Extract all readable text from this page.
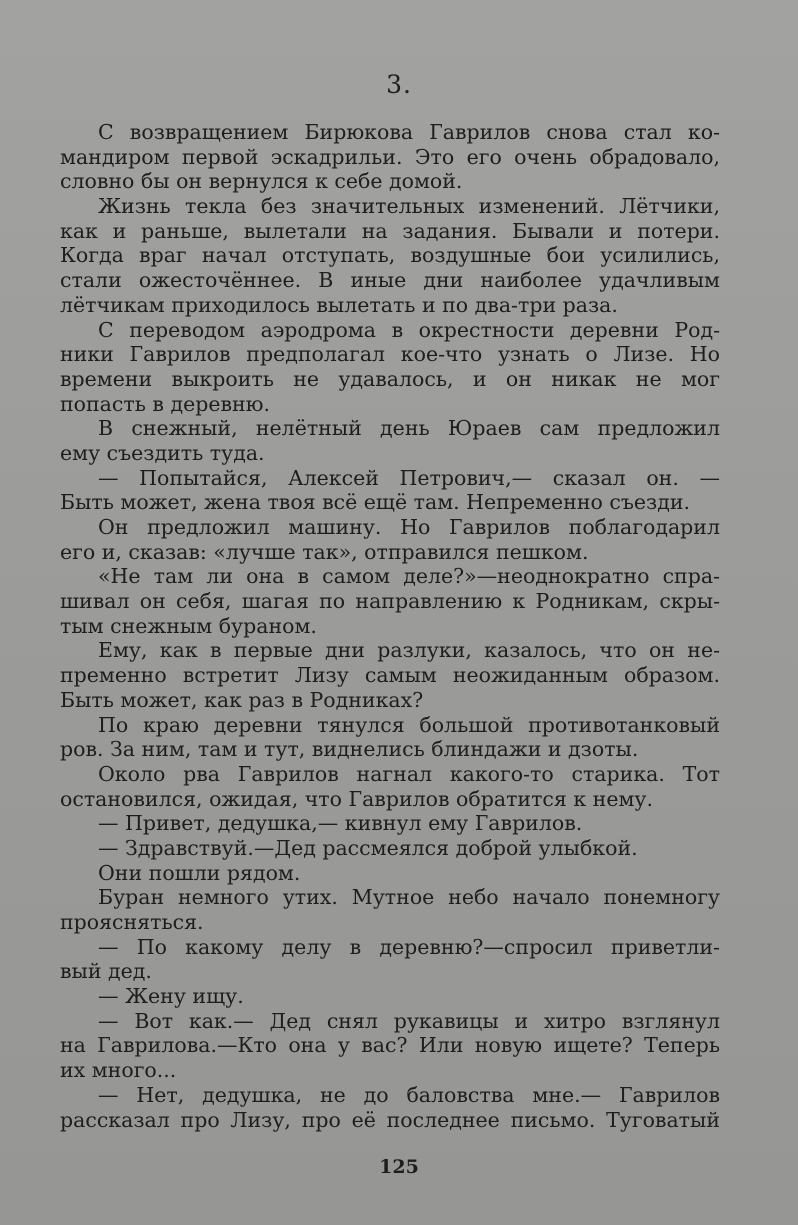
3.
С возвращением Бирюкова Гаврилов снова стал ко-
мандиром первой эскадрильи. Это его очень обрадовало,
словно бы он вернулся к себе домой.
Жизнь текла без значительных изменений. Лётчики,
как и раньше, вылетали на задания. Бывали и потери.
Когда враг начал отступать, воздушные бои усилились,
стали ожесточённее. В иные дни наиболее удачливым
лётчикам приходилось вылетать и по два-три раза.
С переводом аэродрома в окрестности деревни Род-
ники Гаврилов предполагал кое-что узнать о Лизе. Но
времени выкроить не удавалось, и он никак не мог
попасть в деревню.
В снежный, нелётный день Юраев сам предложил
ему съездить туда.
— Попытайся, Алексей Петрович,— сказал он. —
Быть может, жена твоя всё ещё там. Непременно съезди.
Он предложил машину. Но Гаврилов поблагодарил
его и, сказав: «лучше так», отправился пешком.
«Не там ли она в самом деле?»—неоднократно спра-
шивал он себя, шагая по направлению к Родникам, скры-
тым снежным бураном.
Ему, как в первые дни разлуки, казалось, что он не-
пременно встретит Лизу самым неожиданным образом.
Быть может, как раз в Родниках?
По краю деревни тянулся большой противотанковый
ров. За ним, там и тут, виднелись блиндажи и дзоты.
Около рва Гаврилов нагнал какого-то старика. Тот
остановился, ожидая, что Гаврилов обратится к нему.
— Привет, дедушка,— кивнул ему Гаврилов.
— Здравствуй.—Дед рассмеялся доброй улыбкой.
Они пошли рядом.
Буран немного утих. Мутное небо начало понемногу
проясняться.
— По какому делу в деревню?—спросил приветли-
вый дед.
— Жену ищу.
— Вот как.— Дед снял рукавицы и хитро взглянул
на Гаврилова.—Кто она у вас? Или новую ищете? Теперь
их много...
— Нет, дедушка, не до баловства мне.— Гаврилов
рассказал про Лизу, про её последнее письмо. Туговатый
125
